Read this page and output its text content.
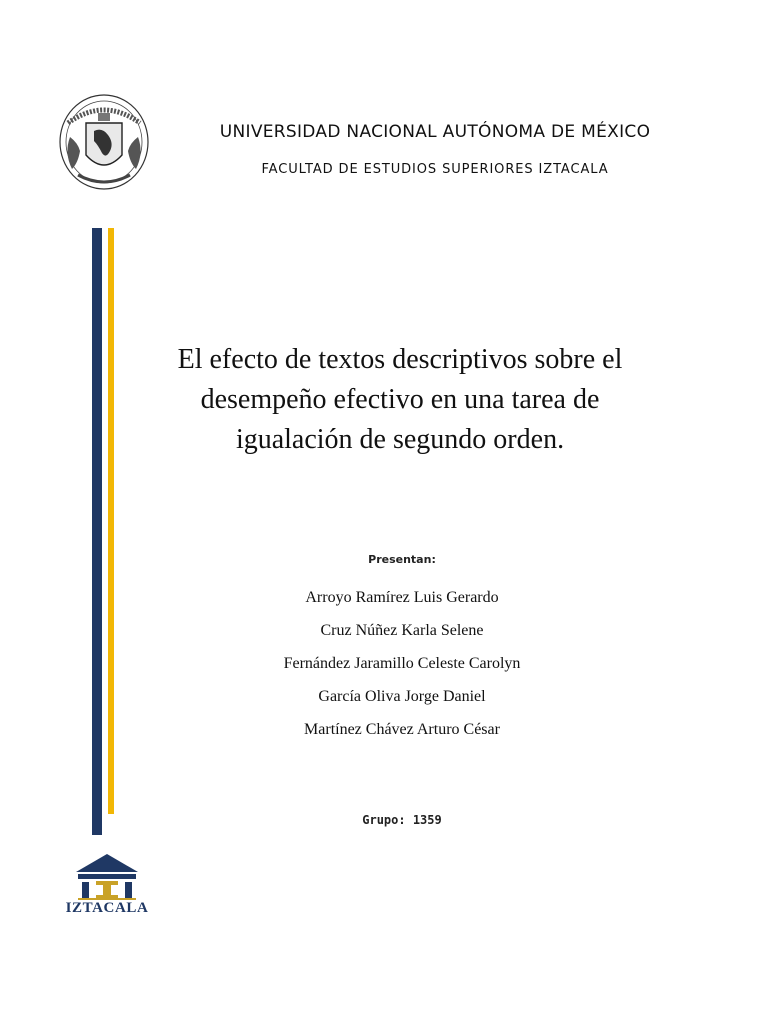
UNIVERSIDAD NACIONAL AUTÓNOMA DE MÉXICO
FACULTAD DE ESTUDIOS SUPERIORES IZTACALA
El efecto de textos descriptivos sobre el
desempeño efectivo en una tarea de
igualación de segundo orden.
Presentan:
Arroyo Ramírez Luis Gerardo
Cruz Núñez Karla Selene
Fernández Jaramillo Celeste Carolyn
García Oliva Jorge Daniel
Martínez Chávez Arturo César
Grupo: 1359
IZTACALA
